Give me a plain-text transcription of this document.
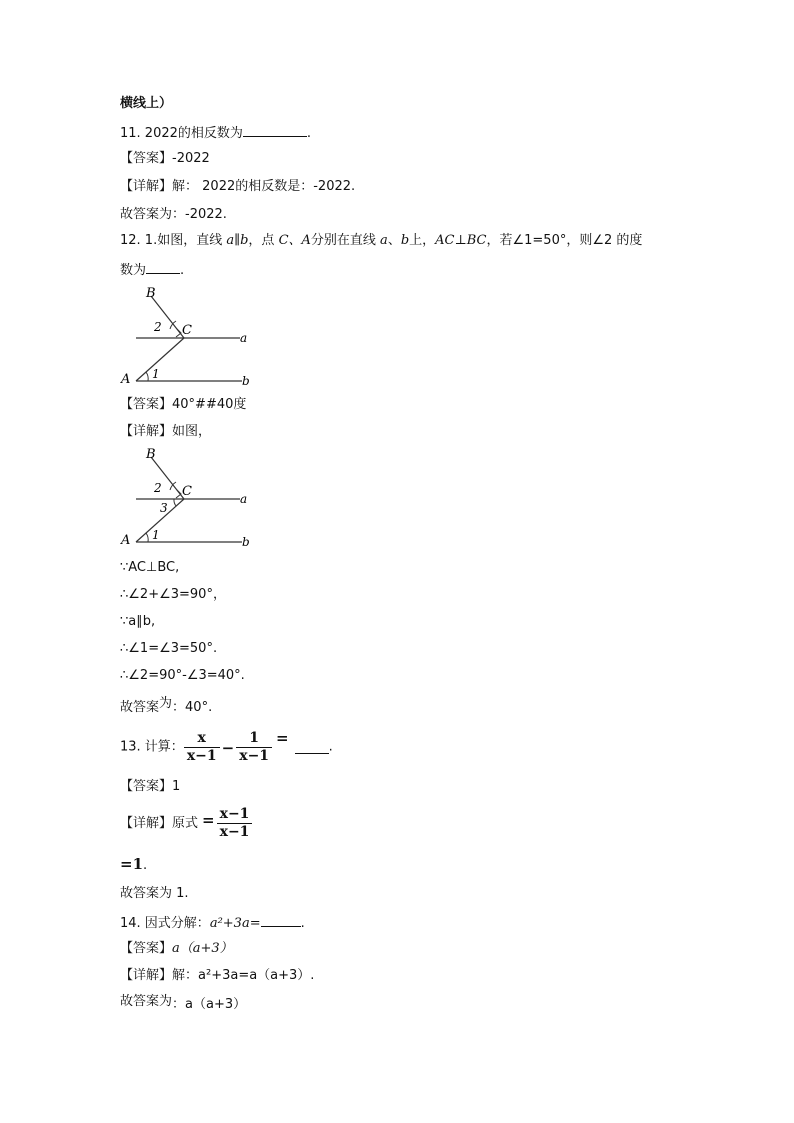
横线上）
11. 2022的相反数为	.
【答案】-2022
【详解】解： 2022的相反数是：-2022.
故答案为：-2022.
12. 1.如图，直线 a∥b，点 C、A分别在直线 a、b上，AC⊥BC，若∠1=50°，则∠2 的度
数为	.
B
2 C	a
A 1	b
【答案】40°##40度
【详解】如图，
B
2 C
3
a
A 1	b
∵AC⊥BC,
∴∠2+∠3=90°，
∵a∥b,
∴∠1=∠3=50°.
∴∠2=90°-∠3=40°.
故答案为：40°.
13. 计算： $\frac{x}{x-1} - \frac{1}{x-1}$ =	.
【答案】1
【详解】原式 = $\frac{x-1}{x-1}$
=1.
故答案为 1.
14. 因式分解：a²+3a=	.
【答案】a（a+3）
【详解】解：a²+3a=a（a+3）.
故答案为：a（a+3）
